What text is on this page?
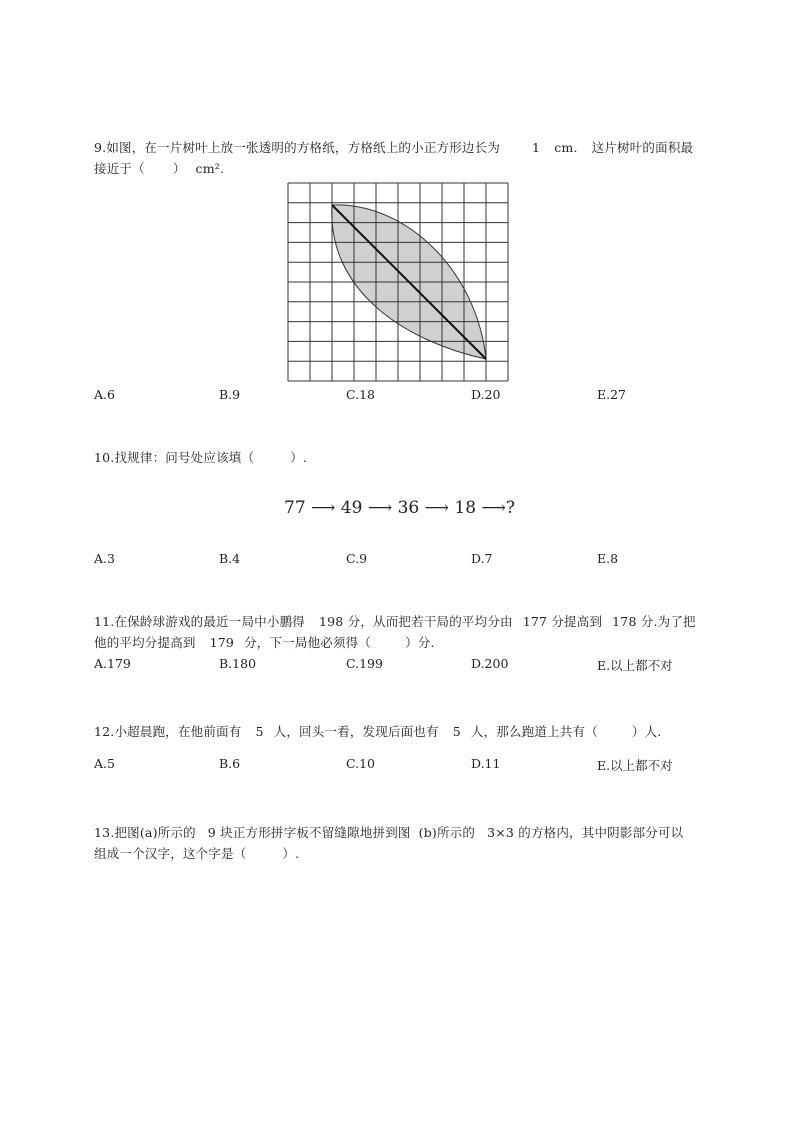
9.如图，在一片树叶上放一张透明的方格纸，方格纸上的小正方形边长为	1 cm. 这片树叶的面积最
接近于（ ） cm².
A.6	B.9	C.18	D.20	E.27
10.找规律：问号处应该填（	）.
77 ⟶ 49 ⟶ 36 ⟶ 18 ⟶?
A.3	B.4	C.9	D.7	E.8
11.在保龄球游戏的最近一局中小鹏得 198 分，从而把若干局的平均分由 177 分提高到 178 分.为了把
他的平均分提高到 179 分，下一局他必须得（	）分.
A.179	B.180	C.199	D.200	E.以上都不对
12.小超晨跑，在他前面有 5 人，回头一看，发现后面也有 5 人，那么跑道上共有（	）人.
A.5	B.6	C.10	D.11	E.以上都不对
13.把图(a)所示的 9 块正方形拼字板不留缝隙地拼到图 (b)所示的 3×3 的方格内，其中阴影部分可以
组成一个汉字，这个字是（	）.
